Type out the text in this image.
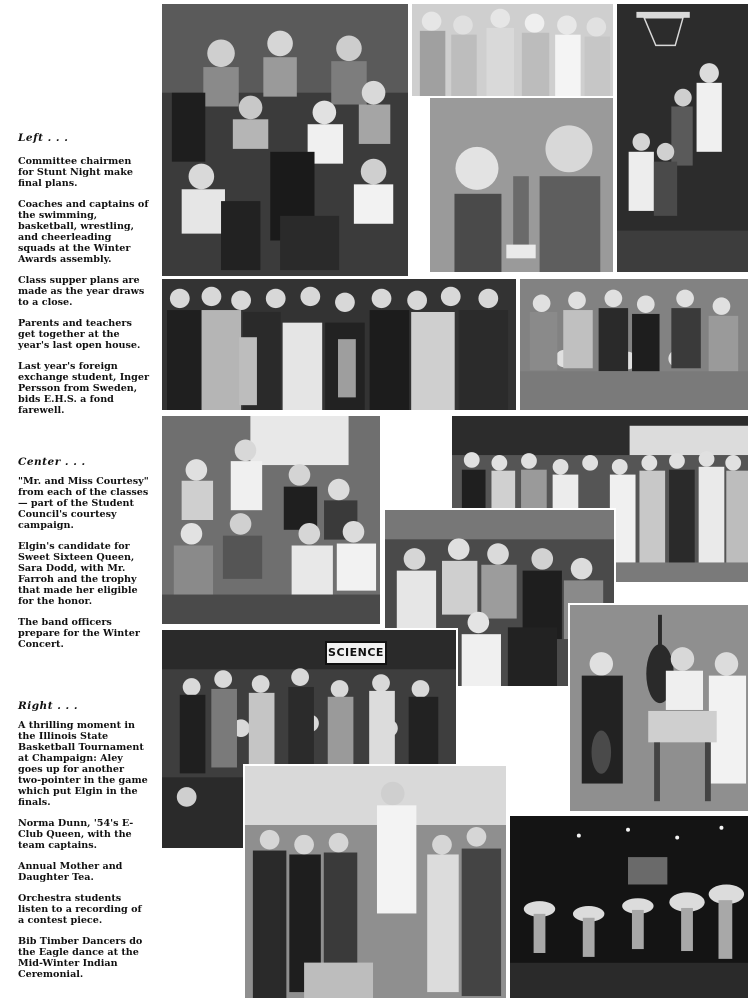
Left . . .

Committee chairmen for Stunt Night make final plans.

Coaches and captains of the swimming, basketball, wrestling, and cheerleading squads at the Winter Awards assembly.

Class supper plans are made as the year draws to a close.

Parents and teachers get together at the year's last open house.

Last year's foreign exchange student, Inger Persson from Sweden, bids E.H.S. a fond farewell.

Center . . .

"Mr. and Miss Courtesy" from each of the classes — part of the Student Council's courtesy campaign.

Elgin's candidate for Sweet Sixteen Queen, Sara Dodd, with Mr. Farroh and the trophy that made her eligible for the honor.

The band officers prepare for the Winter Concert.

Right . . .

A thrilling moment in the Illinois State Basketball Tournament at Champaign: Aley goes up for another two-pointer in the game which put Elgin in the finals.

Norma Dunn, '54's E-Club Queen, with the team captains.

Annual Mother and Daughter Tea.

Orchestra students listen to a recording of a contest piece.

Bib Timber Dancers do the Eagle dance at the Mid-Winter Indian Ceremonial.

SCIENCE
